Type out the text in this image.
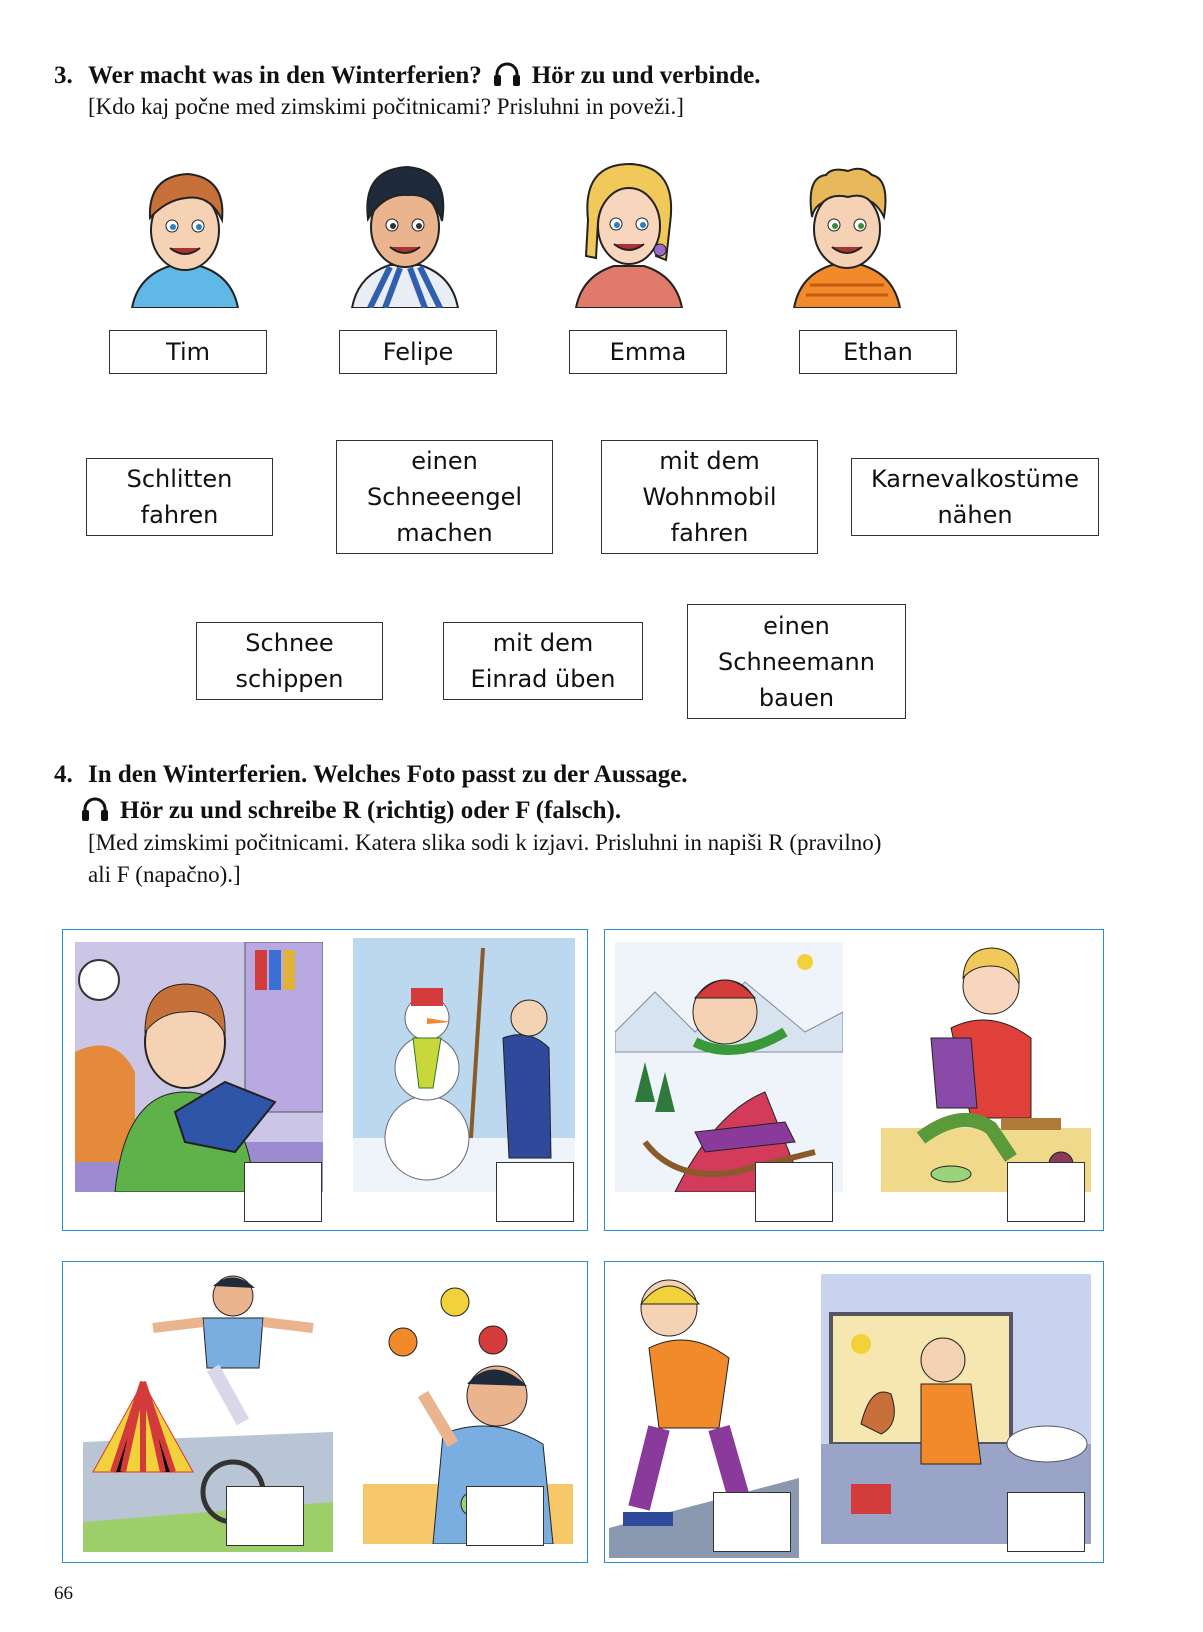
3. Wer macht was in den Winterferien? Hör zu und verbinde.
[Kdo kaj počne med zimskimi počitnicami? Prisluhni in poveži.]
Tim	Felipe	Emma	Ethan
Schlitten
fahren
einen
Schneeengel
machen
mit dem
Wohnmobil
fahren
Karnevalkostüme
nähen
Schnee
schippen
mit dem
Einrad üben
einen
Schneemann
bauen
4. In den Winterferien. Welches Foto passt zu der Aussage.
Hör zu und schreibe R (richtig) oder F (falsch).
[Med zimskimi počitnicami. Katera slika sodi k izjavi. Prisluhni in napiši R (pravilno)
ali F (napačno).]
66
